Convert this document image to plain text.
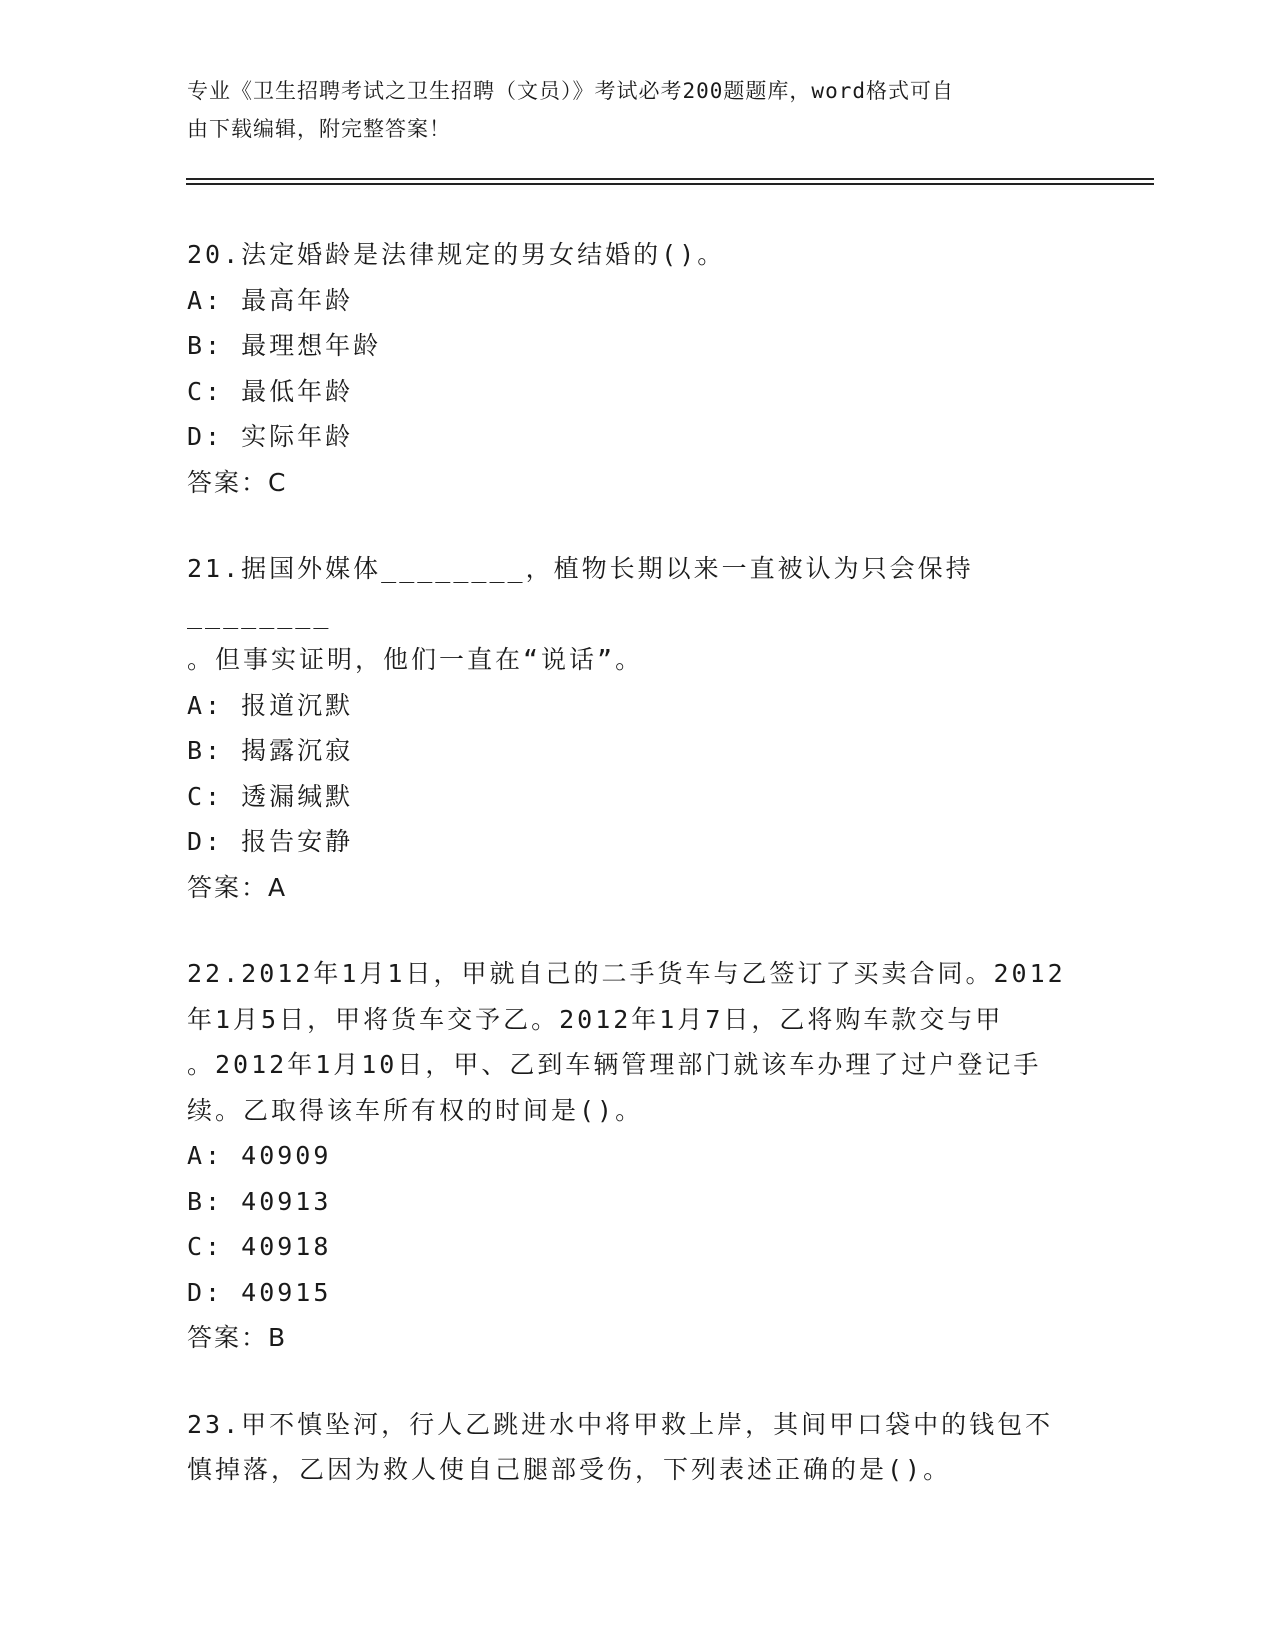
专业《卫生招聘考试之卫生招聘（文员）》考试必考200题题库，word格式可自
由下载编辑，附完整答案！
20.法定婚龄是法律规定的男女结婚的()。
A: 最高年龄
B: 最理想年龄
C: 最低年龄
D: 实际年龄
答案：C
21.据国外媒体________，植物长期以来一直被认为只会保持________
。但事实证明，他们一直在“说话”。
A: 报道沉默
B: 揭露沉寂
C: 透漏缄默
D: 报告安静
答案：A
22.2012年1月1日，甲就自己的二手货车与乙签订了买卖合同。2012
年1月5日，甲将货车交予乙。2012年1月7日，乙将购车款交与甲
。2012年1月10日，甲、乙到车辆管理部门就该车办理了过户登记手
续。乙取得该车所有权的时间是()。
A: 40909
B: 40913
C: 40918
D: 40915
答案：B
23.甲不慎坠河，行人乙跳进水中将甲救上岸，其间甲口袋中的钱包不
慎掉落，乙因为救人使自己腿部受伤，下列表述正确的是()。
